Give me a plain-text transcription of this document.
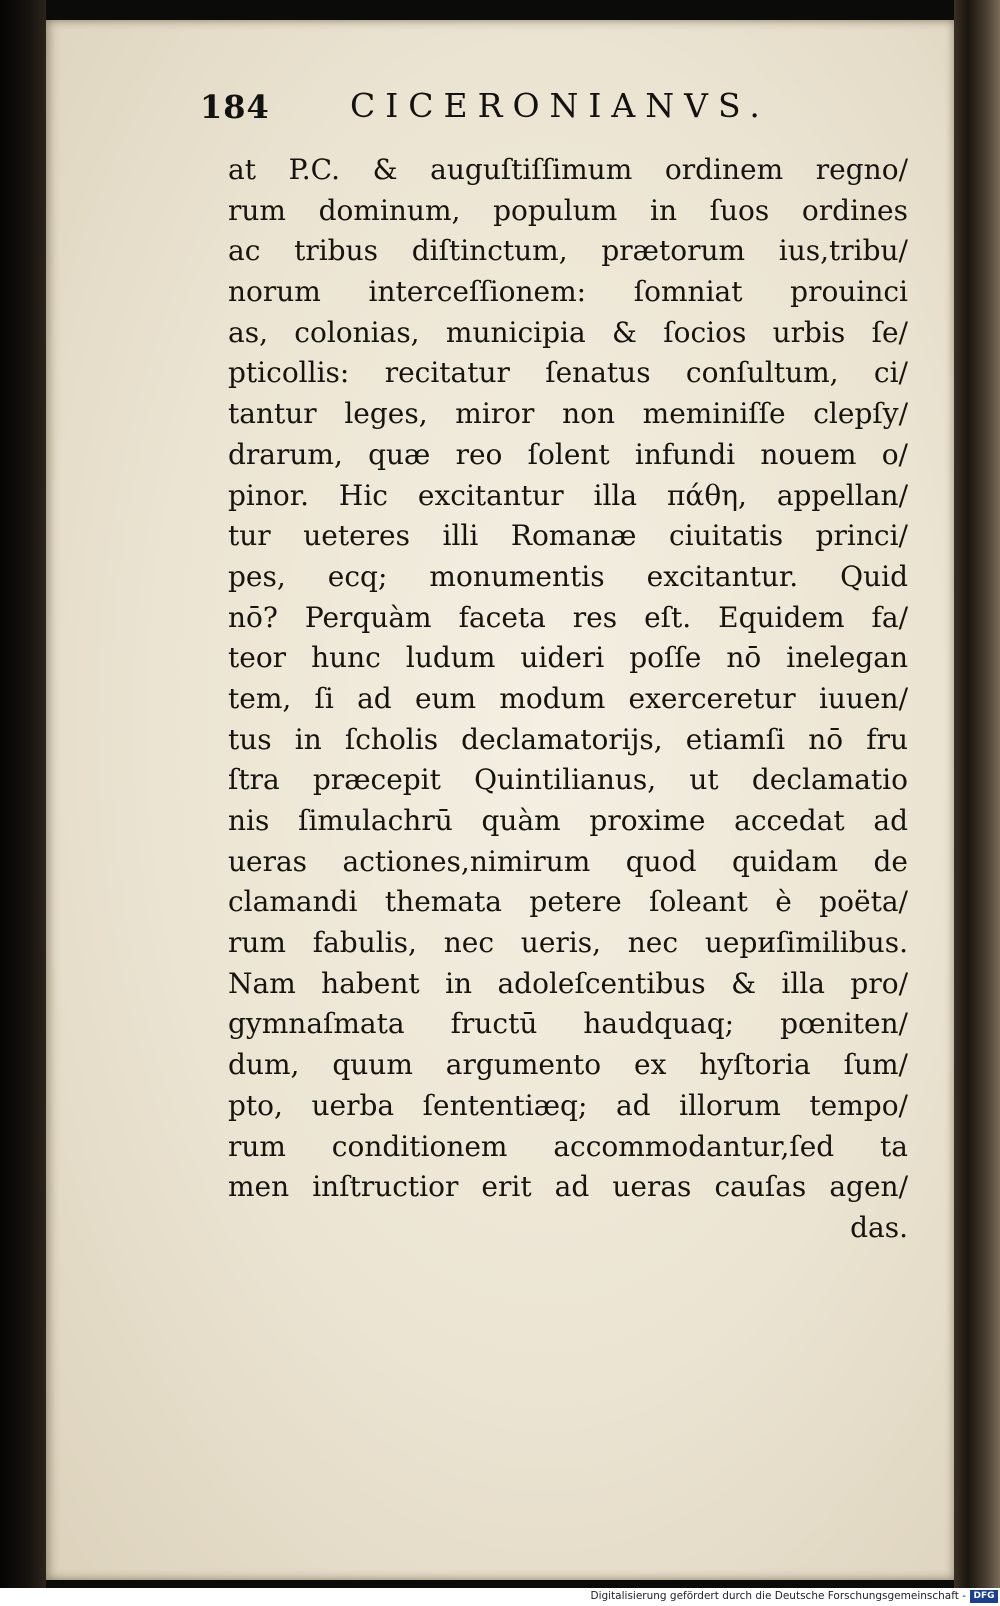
184 CICERONIANVS.
at P.C. & auguſtiſſimum ordinem regno/
rum dominum, populum in ſuos ordines
ac tribus diſtinctum, prætorum ius,tribu/
norum interceſſionem: ſomniat prouinci
as, colonias, municipia & ſocios urbis ſe/
pticollis: recitatur ſenatus conſultum, ci/
tantur leges, miror non meminiſſe clepſy/
drarum, quæ reo ſolent infundi nouem o/
pinor. Hic excitantur illa πάθη, appellan/
tur ueteres illi Romanæ ciuitatis princi/
pes, ecq; monumentis excitantur. Quid
nō? Perquàm faceta res eſt. Equidem fa/
teor hunc ludum uideri poſſe nō inelegan
tem, ſi ad eum modum exerceretur iuuen/
tus in ſcholis declamatorijs, etiamſi nō fru
ſtra præcepit Quintilianus, ut declamatio
nis ſimulachrū quàm proxime accedat ad
ueras actiones,nimirum quod quidam de
clamandi themata petere ſoleant è poëta/
rum fabulis, nec ueris, nec uериſimilibus.
Nam habent in adoleſcentibus & illa pro/
gymnaſmata fructū haudquaq; pœniten/
dum, quum argumento ex hyſtoria ſum/
pto, uerba ſententiæq; ad illorum tempo/
rum conditionem accommodantur,ſed ta
men inſtructior erit ad ueras cauſas agen/
das.
Digitalisierung gefördert durch die Deutsche Forschungsgemeinschaft - DFG
